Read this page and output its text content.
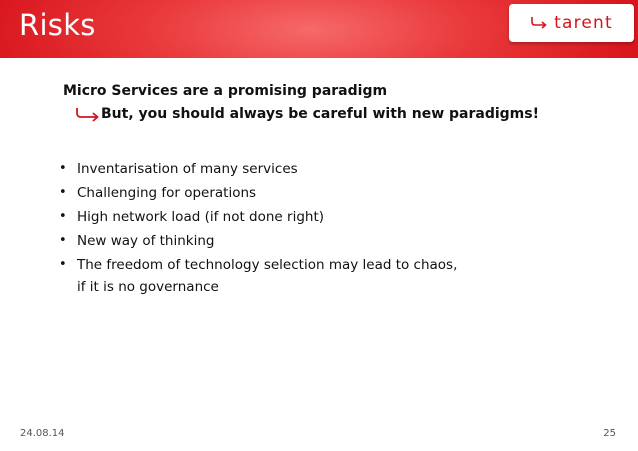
Risks	tarent
Micro Services are a promising paradigm
But, you should always be careful with new paradigms!
• Inventarisation of many services
• Challenging for operations
• High network load (if not done right)
• New way of thinking
• The freedom of technology selection may lead to chaos,
if it is no governance
24.08.14	25
